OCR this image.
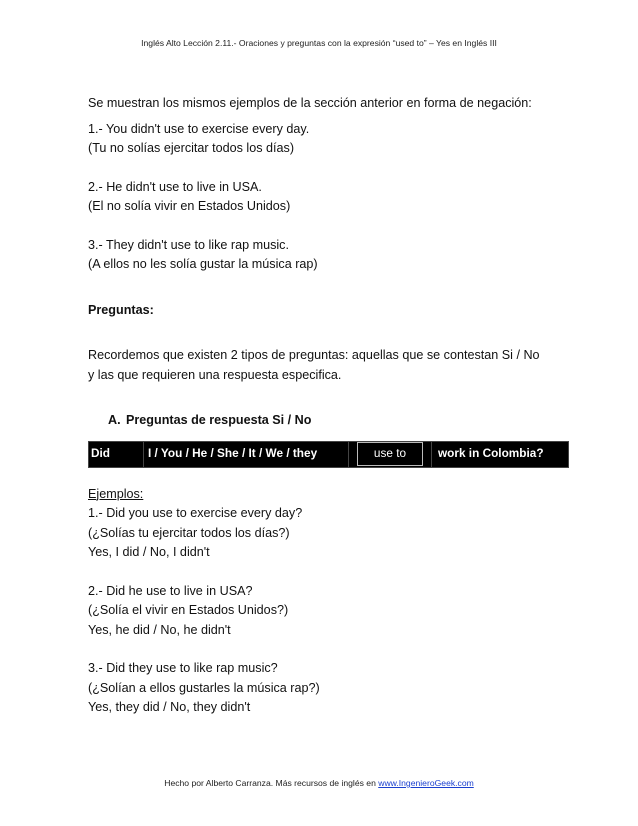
Inglés Alto Lección 2.11.- Oraciones y preguntas con la expresión “used to” – Yes en Inglés III
Se muestran los mismos ejemplos de la sección anterior en forma de negación:
1.- You didn't use to exercise every day.
(Tu no solías ejercitar todos los días)
2.- He didn't use to live in USA.
(El no solía vivir en Estados Unidos)
3.- They didn't use to like rap music.
(A ellos no les solía gustar la música rap)
Preguntas:
Recordemos que existen 2 tipos de preguntas: aquellas que se contestan Si / No
y las que requieren una respuesta especifica.
A. Preguntas de respuesta Si / No
Did	I / You / He / She / It / We / they	use to	work in Colombia?
Ejemplos:
1.- Did you use to exercise every day?
(¿Solías tu ejercitar todos los días?)
Yes, I did / No, I didn't
2.- Did he use to live in USA?
(¿Solía el vivir en Estados Unidos?)
Yes, he did / No, he didn't
3.- Did they use to like rap music?
(¿Solían a ellos gustarles la música rap?)
Yes, they did / No, they didn't
Hecho por Alberto Carranza. Más recursos de inglés en www.IngenieroGeek.com
